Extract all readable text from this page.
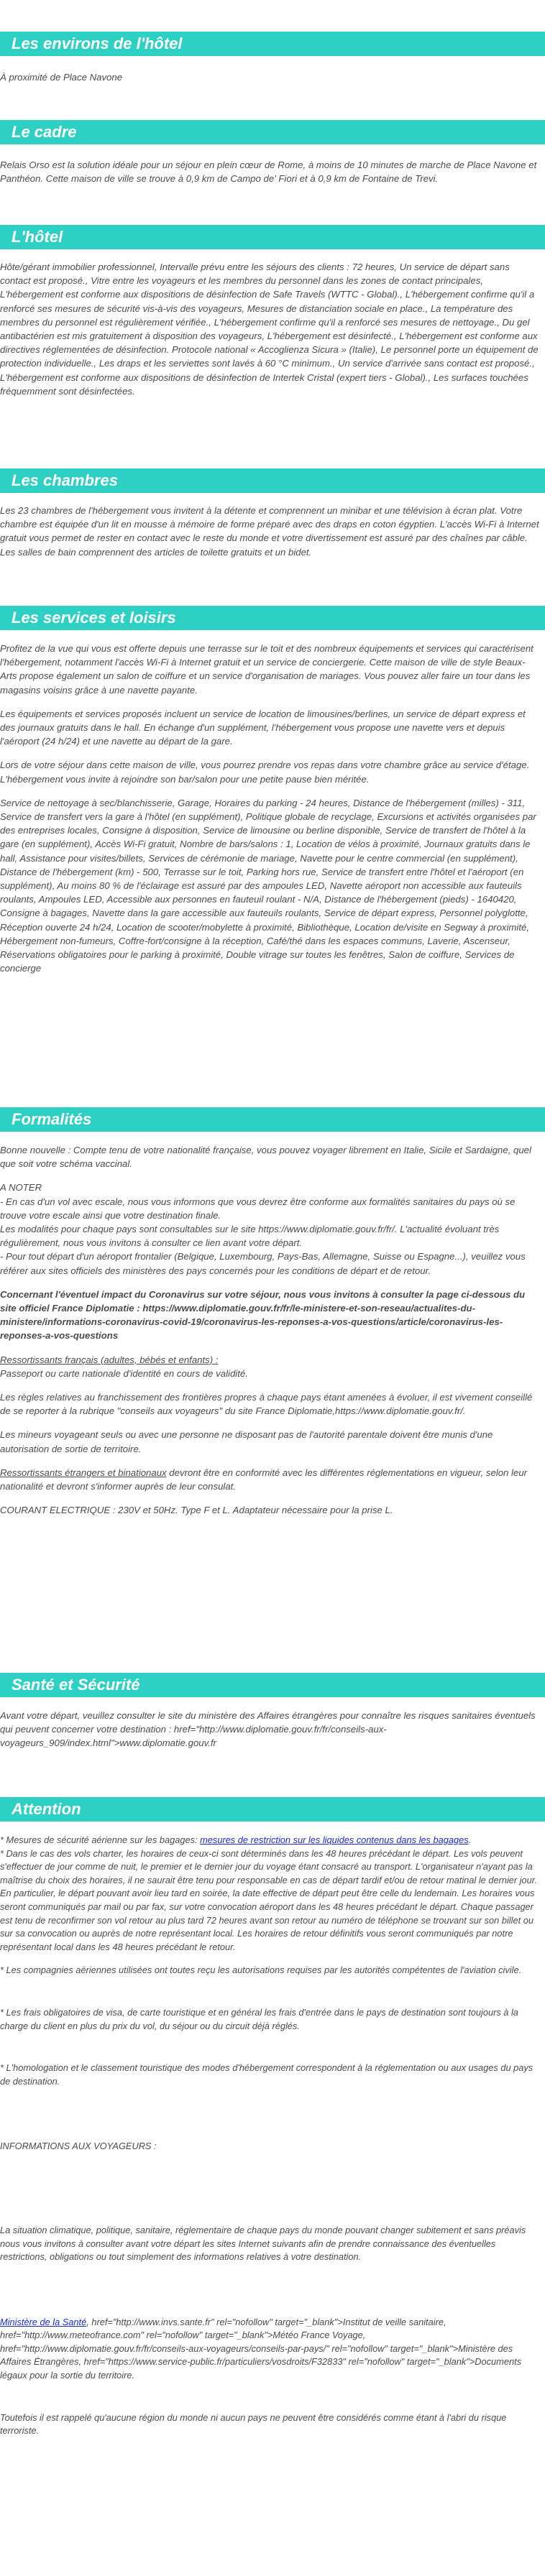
Les environs de l'hôtel

À proximité de Place Navone

Le cadre

Relais Orso est la solution idéale pour un séjour en plein cœur de Rome, à moins de 10 minutes de marche de Place Navone et Panthéon. Cette maison de ville se trouve à 0,9 km de Campo de' Fiori et à 0,9 km de Fontaine de Trevi.

L'hôtel

Hôte/gérant immobilier professionnel, Intervalle prévu entre les séjours des clients : 72 heures, Un service de départ sans contact est proposé., Vitre entre les voyageurs et les membres du personnel dans les zones de contact principales, L'hébergement est conforme aux dispositions de désinfection de Safe Travels (WTTC - Global)., L'hébergement confirme qu'il a renforcé ses mesures de sécurité vis-à-vis des voyageurs, Mesures de distanciation sociale en place., La température des membres du personnel est régulièrement vérifiée., L'hébergement confirme qu'il a renforcé ses mesures de nettoyage., Du gel antibactérien est mis gratuitement à disposition des voyageurs, L'hébergement est désinfecté., L'hébergement est conforme aux directives réglementées de désinfection. Protocole national « Accoglienza Sicura » (Italie), Le personnel porte un équipement de protection individuelle., Les draps et les serviettes sont lavés à 60 °C minimum., Un service d'arrivée sans contact est proposé., L'hébergement est conforme aux dispositions de désinfection de Intertek Cristal (expert tiers - Global)., Les surfaces touchées fréquemment sont désinfectées.

Les chambres

Les 23 chambres de l'hébergement vous invitent à la détente et comprennent un minibar et une télévision à écran plat. Votre chambre est équipée d'un lit en mousse à mémoire de forme préparé avec des draps en coton égyptien. L'accès Wi-Fi à Internet gratuit vous permet de rester en contact avec le reste du monde et votre divertissement est assuré par des chaînes par câble. Les salles de bain comprennent des articles de toilette gratuits et un bidet.

Les services et loisirs

Profitez de la vue qui vous est offerte depuis une terrasse sur le toit et des nombreux équipements et services qui caractérisent l'hébergement, notamment l'accès Wi-Fi à Internet gratuit et un service de conciergerie. Cette maison de ville de style Beaux-Arts propose également un salon de coiffure et un service d'organisation de mariages. Vous pouvez aller faire un tour dans les magasins voisins grâce à une navette payante.

Les équipements et services proposés incluent un service de location de limousines/berlines, un service de départ express et des journaux gratuits dans le hall. En échange d'un supplément, l'hébergement vous propose une navette vers et depuis l'aéroport (24 h/24) et une navette au départ de la gare.

Lors de votre séjour dans cette maison de ville, vous pourrez prendre vos repas dans votre chambre grâce au service d'étage. L'hébergement vous invite à rejoindre son bar/salon pour une petite pause bien méritée.

Service de nettoyage à sec/blanchisserie, Garage, Horaires du parking - 24 heures, Distance de l'hébergement (milles) - 311, Service de transfert vers la gare à l'hôtel (en supplément), Politique globale de recyclage, Excursions et activités organisées par des entreprises locales, Consigne à disposition, Service de limousine ou berline disponible, Service de transfert de l'hôtel à la gare (en supplément), Accès Wi-Fi gratuit, Nombre de bars/salons : 1, Location de vélos à proximité, Journaux gratuits dans le hall, Assistance pour visites/billets, Services de cérémonie de mariage, Navette pour le centre commercial (en supplément), Distance de l'hébergement (km) - 500, Terrasse sur le toit, Parking hors rue, Service de transfert entre l'hôtel et l'aéroport (en supplément), Au moins 80 % de l'éclairage est assuré par des ampoules LED, Navette aéroport non accessible aux fauteuils roulants, Ampoules LED, Accessible aux personnes en fauteuil roulant - N/A, Distance de l'hébergement (pieds) - 1640420, Consigne à bagages, Navette dans la gare accessible aux fauteuils roulants, Service de départ express, Personnel polyglotte, Réception ouverte 24 h/24, Location de scooter/mobylette à proximité, Bibliothèque, Location de/visite en Segway à proximité, Hébergement non-fumeurs, Coffre-fort/consigne à la réception, Café/thé dans les espaces communs, Laverie, Ascenseur, Réservations obligatoires pour le parking à proximité, Double vitrage sur toutes les fenêtres, Salon de coiffure, Services de concierge

Formalités

Bonne nouvelle : Compte tenu de votre nationalité française, vous pouvez voyager librement en Italie, Sicile et Sardaigne, quel que soit votre schéma vaccinal.

A NOTER

- En cas d'un vol avec escale, nous vous informons que vous devrez être conforme aux formalités sanitaires du pays où se trouve votre escale ainsi que votre destination finale.

Les modalités pour chaque pays sont consultables sur le site https://www.diplomatie.gouv.fr/fr/. L'actualité évoluant très régulièrement, nous vous invitons à consulter ce lien avant votre départ.

- Pour tout départ d'un aéroport frontalier (Belgique, Luxembourg, Pays-Bas, Allemagne, Suisse ou Espagne...), veuillez vous référer aux sites officiels des ministères des pays concernés pour les conditions de départ et de retour.

Concernant l'éventuel impact du Coronavirus sur votre séjour, nous vous invitons à consulter la page ci-dessous du site officiel France Diplomatie : https://www.diplomatie.gouv.fr/fr/le-ministere-et-son-reseau/actualites-du-ministere/informations-coronavirus-covid-19/coronavirus-les-reponses-a-vos-questions/article/coronavirus-les-reponses-a-vos-questions

Ressortissants français (adultes, bébés et enfants) :

Passeport ou carte nationale d'identité en cours de validité.

Les règles relatives au franchissement des frontières propres à chaque pays étant amenées à évoluer, il est vivement conseillé de se reporter à la rubrique "conseils aux voyageurs" du site France Diplomatie,https://www.diplomatie.gouv.fr/.

Les mineurs voyageant seuls ou avec une personne ne disposant pas de l'autorité parentale doivent être munis d'une autorisation de sortie de territoire.

Ressortissants étrangers et binationaux devront être en conformité avec les différentes réglementations en vigueur, selon leur nationalité et devront s'informer auprès de leur consulat.

COURANT ELECTRIQUE : 230V et 50Hz. Type F et L. Adaptateur nécessaire pour la prise L.

Santé et Sécurité

Avant votre départ, veuillez consulter le site du ministère des Affaires étrangères pour connaître les risques sanitaires éventuels qui peuvent concerner votre destination : href="http://www.diplomatie.gouv.fr/fr/conseils-aux-voyageurs_909/index.html">www.diplomatie.gouv.fr

Attention

* Mesures de sécurité aérienne sur les bagages: mesures de restriction sur les liquides contenus dans les bagages.

* Dans le cas des vols charter, les horaires de ceux-ci sont déterminés dans les 48 heures précédant le départ. Les vols peuvent s'effectuer de jour comme de nuit, le premier et le dernier jour du voyage étant consacré au transport. L'organisateur n'ayant pas la maîtrise du choix des horaires, il ne saurait être tenu pour responsable en cas de départ tardif et/ou de retour matinal le dernier jour. En particulier, le départ pouvant avoir lieu tard en soirée, la date effective de départ peut être celle du lendemain. Les horaires vous seront communiqués par mail ou par fax, sur votre convocation aéroport dans les 48 heures précédant le départ. Chaque passager est tenu de reconfirmer son vol retour au plus tard 72 heures avant son retour au numéro de téléphone se trouvant sur son billet ou sur sa convocation ou auprès de notre représentant local. Les horaires de retour définitifs vous seront communiqués par notre représentant local dans les 48 heures précédant le retour.

* Les compagnies aériennes utilisées ont toutes reçu les autorisations requises par les autorités compétentes de l'aviation civile.

* Les frais obligatoires de visa, de carte touristique et en général les frais d'entrée dans le pays de destination sont toujours à la charge du client en plus du prix du vol, du séjour ou du circuit déjà réglés.

* L'homologation et le classement touristique des modes d'hébergement correspondent à la réglementation ou aux usages du pays de destination.

INFORMATIONS AUX VOYAGEURS :

La situation climatique, politique, sanitaire, réglementaire de chaque pays du monde pouvant changer subitement et sans préavis nous vous invitons à consulter avant votre départ les sites Internet suivants afin de prendre connaissance des éventuelles restrictions, obligations ou tout simplement des informations relatives à votre destination.

Ministère de la Santé, href="http://www.invs.sante.fr" rel="nofollow" target="_blank">Institut de veille sanitaire, href="http://www.meteofrance.com" rel="nofollow" target="_blank">Météo France Voyage, href="http://www.diplomatie.gouv.fr/fr/conseils-aux-voyageurs/conseils-par-pays/" rel="nofollow" target="_blank">Ministère des Affaires Étrangères, href="https://www.service-public.fr/particuliers/vosdroits/F32833" rel="nofollow" target="_blank">Documents légaux pour la sortie du territoire.

Toutefois il est rappelé qu'aucune région du monde ni aucun pays ne peuvent être considérés comme étant à l'abri du risque terroriste.
